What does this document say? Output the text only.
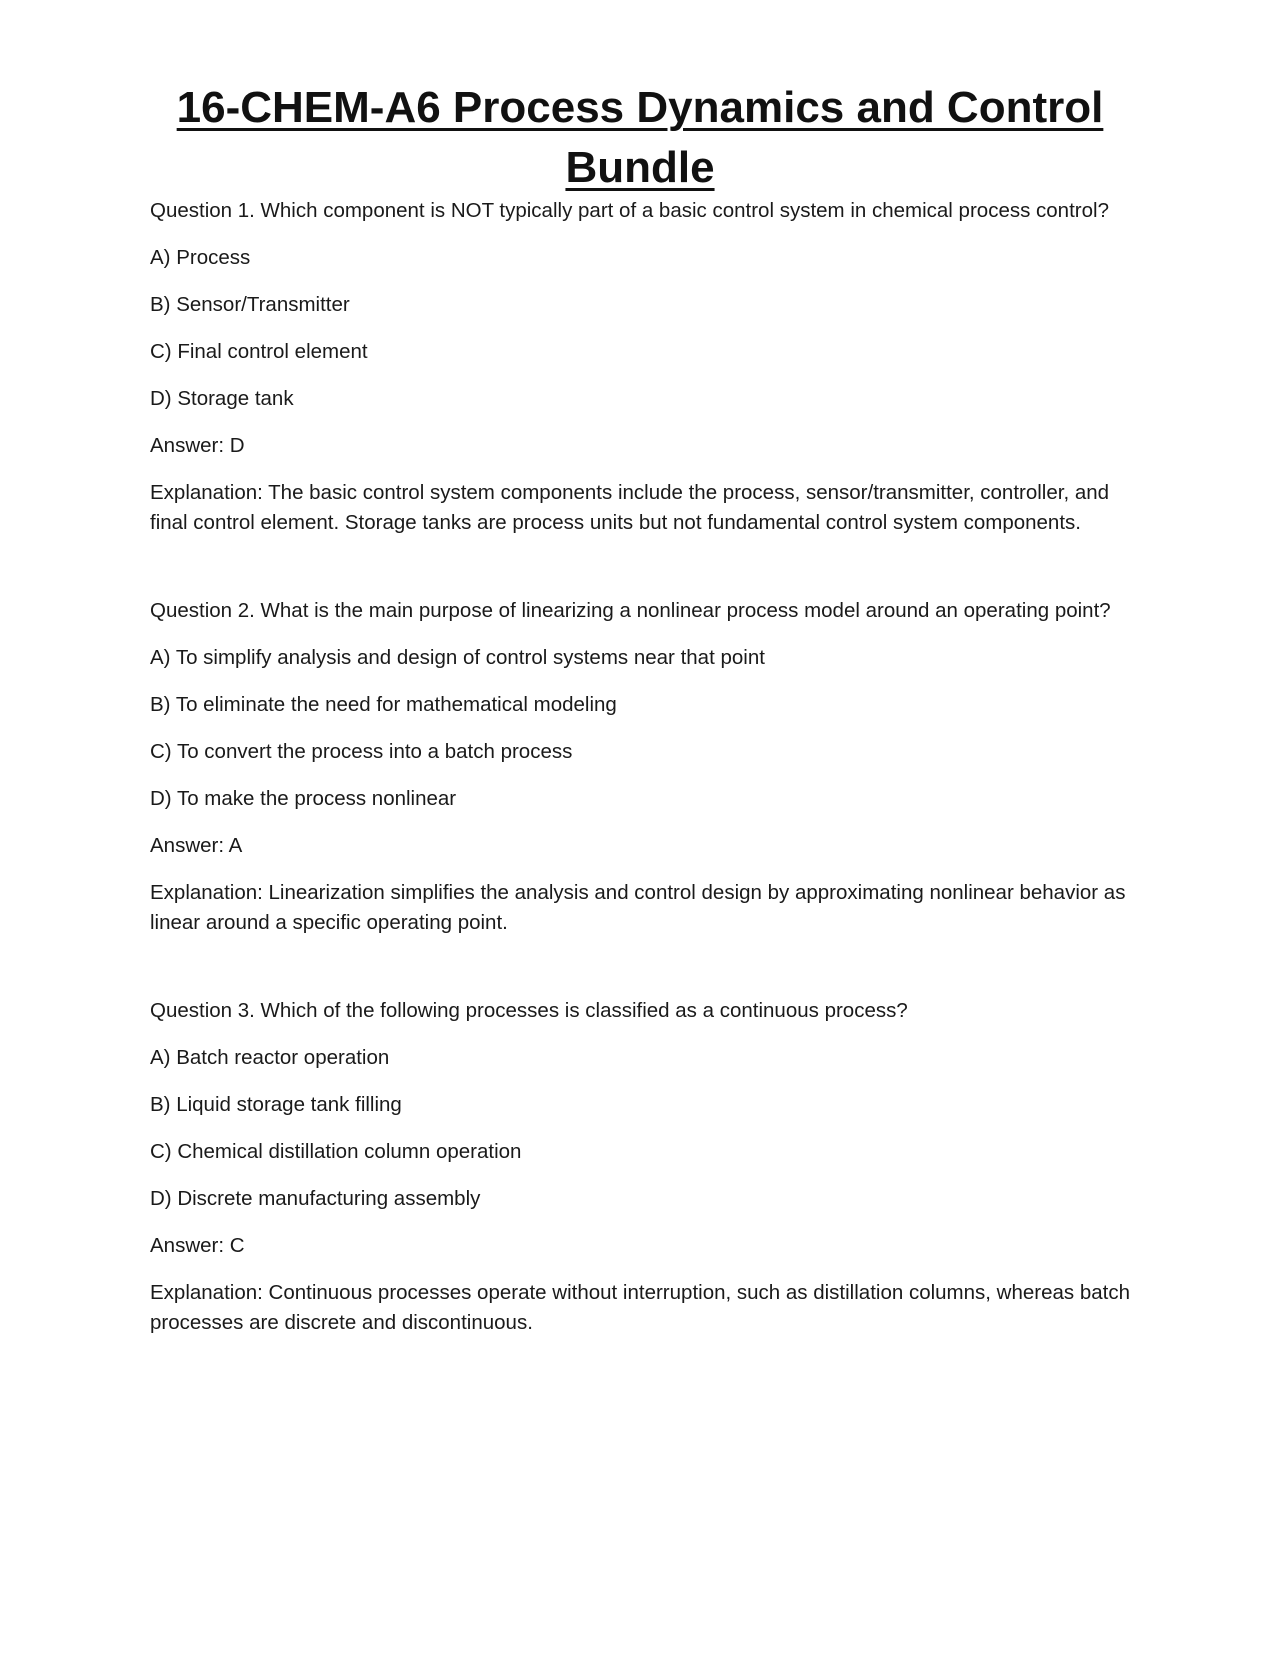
16-CHEM-A6 Process Dynamics and Control Bundle

Question 1. Which component is NOT typically part of a basic control system in chemical process control?

A) Process

B) Sensor/Transmitter

C) Final control element

D) Storage tank

Answer: D

Explanation: The basic control system components include the process, sensor/transmitter, controller, and final control element. Storage tanks are process units but not fundamental control system components.

Question 2. What is the main purpose of linearizing a nonlinear process model around an operating point?

A) To simplify analysis and design of control systems near that point

B) To eliminate the need for mathematical modeling

C) To convert the process into a batch process

D) To make the process nonlinear

Answer: A

Explanation: Linearization simplifies the analysis and control design by approximating nonlinear behavior as linear around a specific operating point.

Question 3. Which of the following processes is classified as a continuous process?

A) Batch reactor operation

B) Liquid storage tank filling

C) Chemical distillation column operation

D) Discrete manufacturing assembly

Answer: C

Explanation: Continuous processes operate without interruption, such as distillation columns, whereas batch processes are discrete and discontinuous.
